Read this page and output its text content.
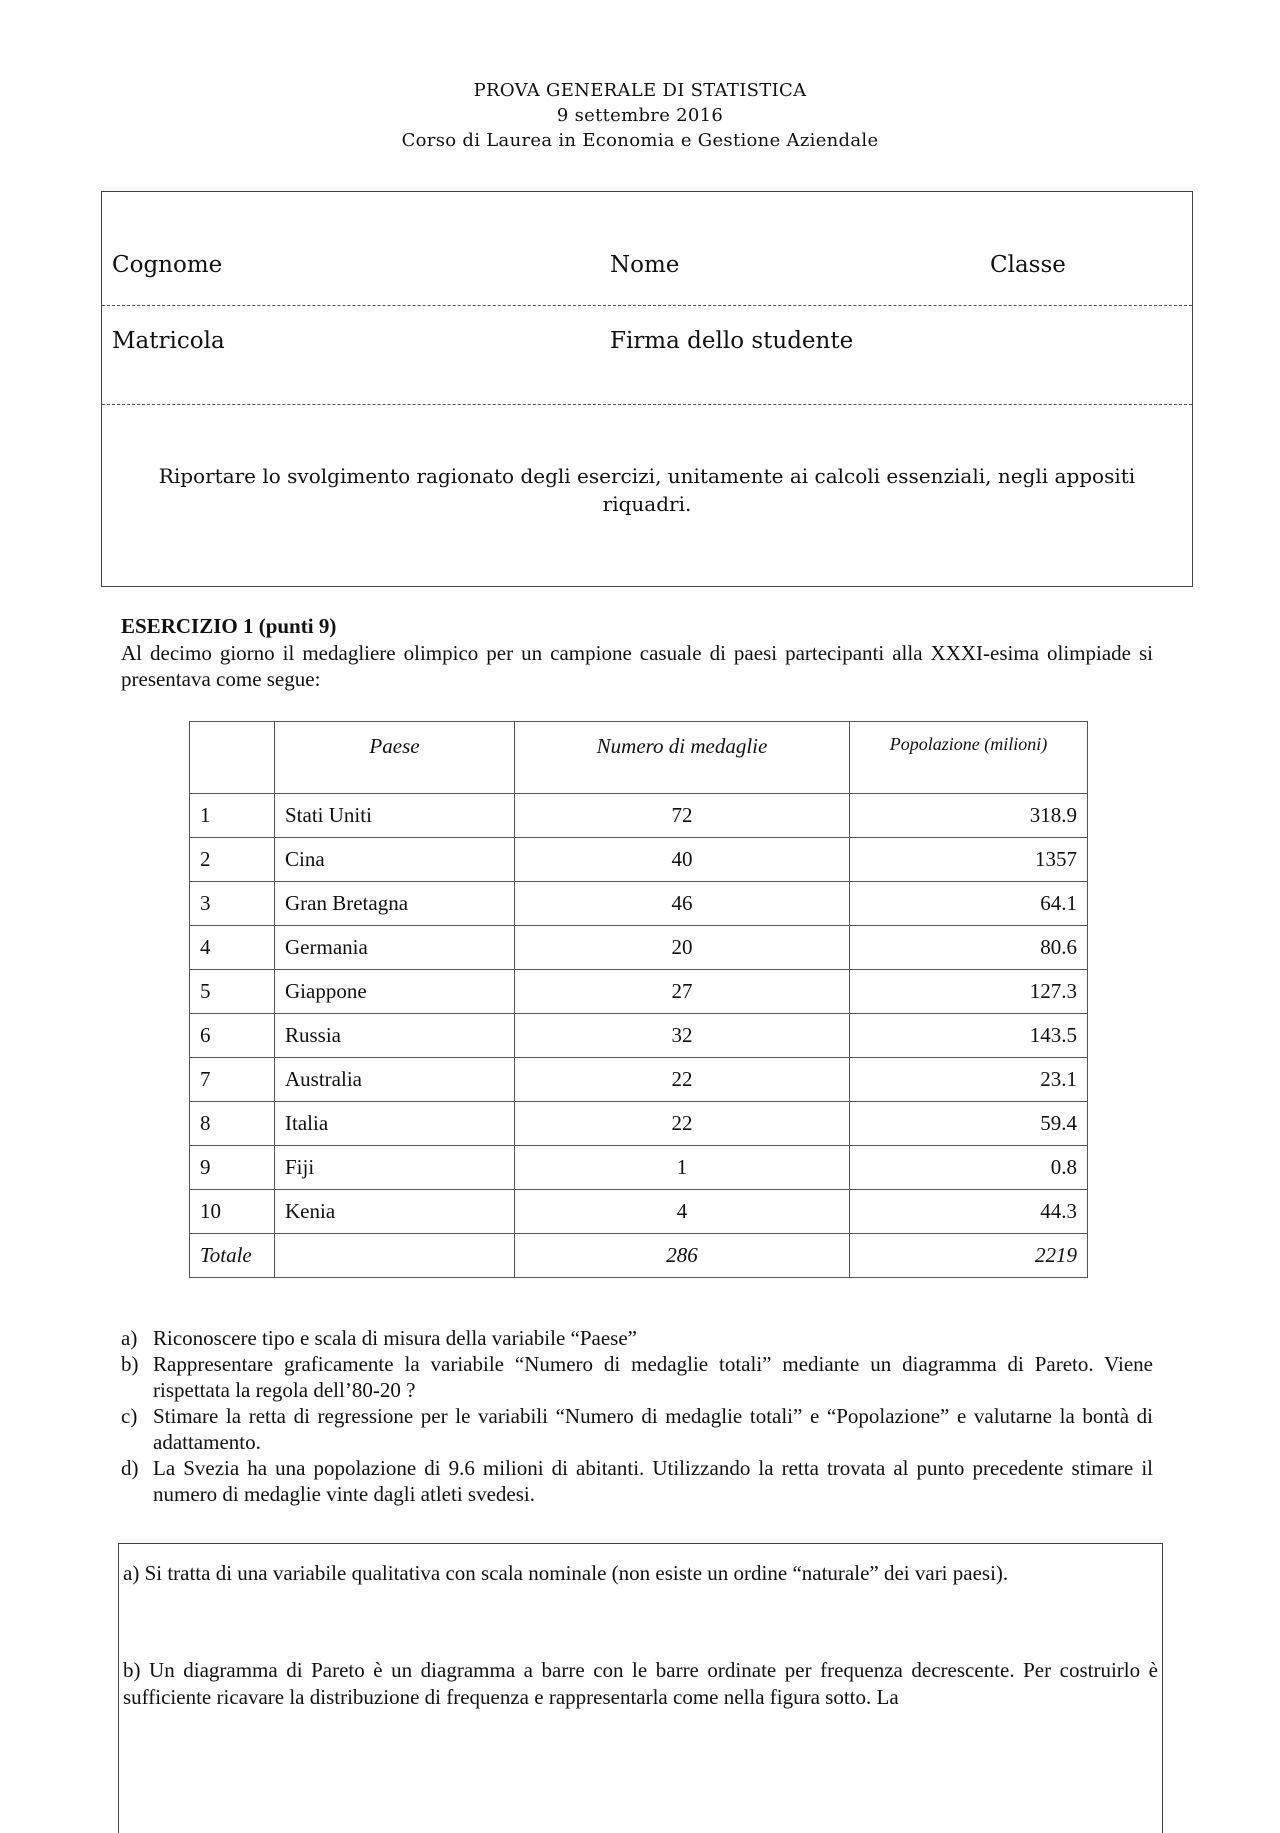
PROVA GENERALE DI STATISTICA
9 settembre 2016
Corso di Laurea in Economia e Gestione Aziendale
Cognome	Nome	Classe
Matricola	Firma dello studente
Riportare lo svolgimento ragionato degli esercizi, unitamente ai calcoli essenziali, negli appositi riquadri.
ESERCIZIO 1 (punti 9)
Al decimo giorno il medagliere olimpico per un campione casuale di paesi partecipanti alla XXXI-esima olimpiade si presentava come segue:
	Paese	Numero di medaglie	Popolazione (milioni)
1	Stati Uniti	72	318.9
2	Cina	40	1357
3	Gran Bretagna	46	64.1
4	Germania	20	80.6
5	Giappone	27	127.3
6	Russia	32	143.5
7	Australia	22	23.1
8	Italia	22	59.4
9	Fiji	1	0.8
10	Kenia	4	44.3
Totale		286	2219
a) Riconoscere tipo e scala di misura della variabile “Paese”
b) Rappresentare graficamente la variabile “Numero di medaglie totali” mediante un diagramma di Pareto. Viene rispettata la regola dell’80-20 ?
c) Stimare la retta di regressione per le variabili “Numero di medaglie totali” e “Popolazione” e valutarne la bontà di adattamento.
d) La Svezia ha una popolazione di 9.6 milioni di abitanti. Utilizzando la retta trovata al punto precedente stimare il numero di medaglie vinte dagli atleti svedesi.

a) Si tratta di una variabile qualitativa con scala nominale (non esiste un ordine “naturale” dei vari paesi).

b) Un diagramma di Pareto è un diagramma a barre con le barre ordinate per frequenza decrescente. Per costruirlo è sufficiente ricavare la distribuzione di frequenza e rappresentarla come nella figura sotto. La
